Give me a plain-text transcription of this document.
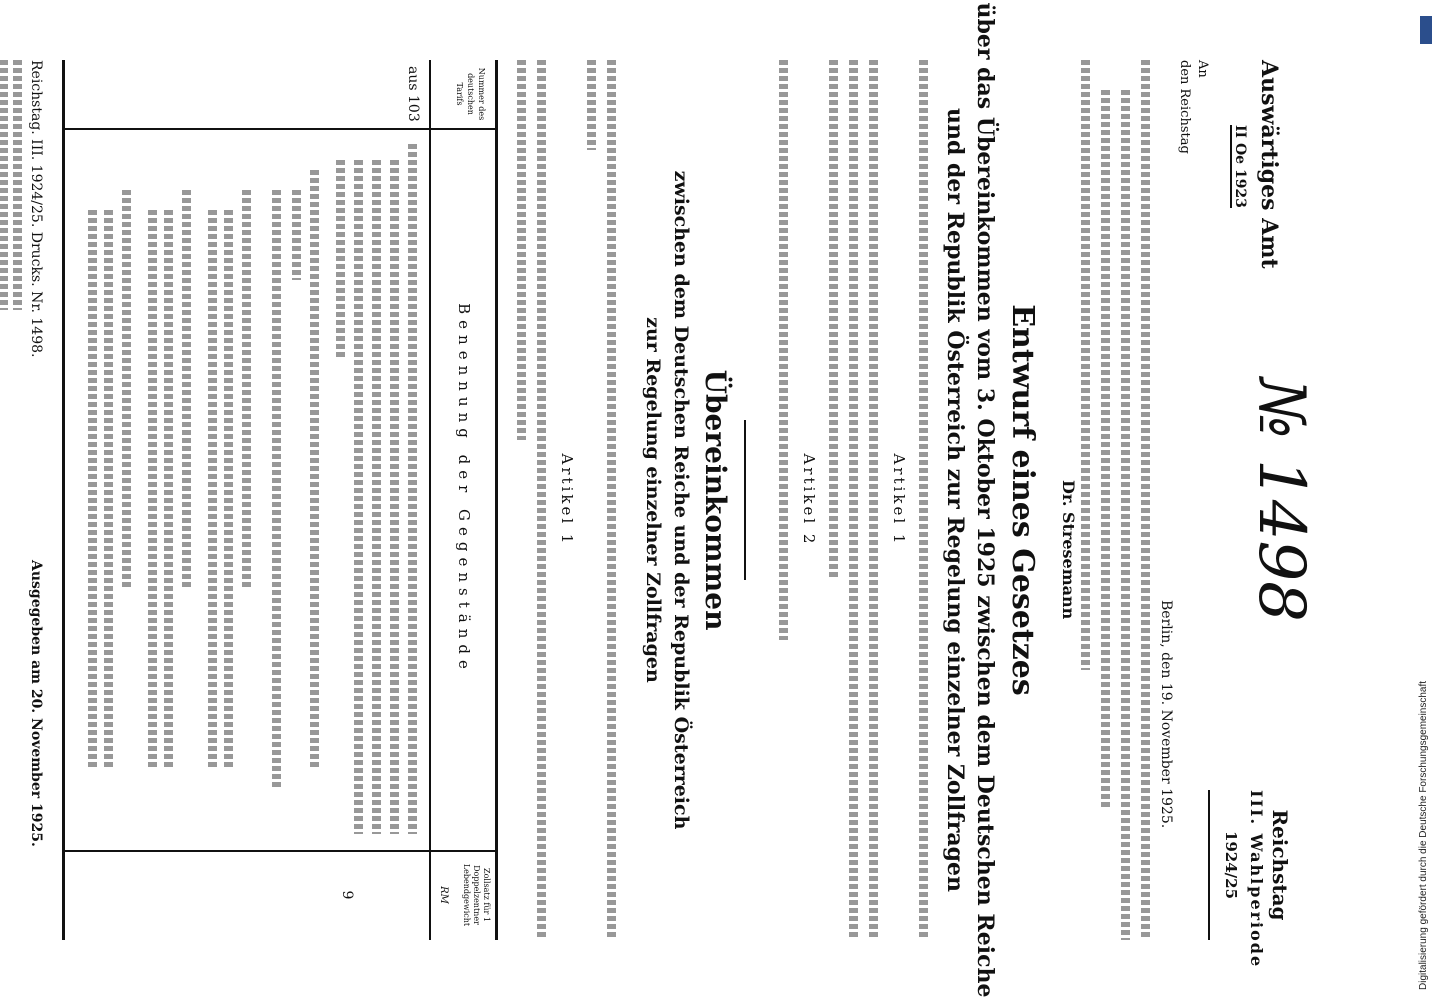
Auswärtiges Amt
II Oe 1923
№ 1498
Reichstag
III. Wahlperiode
1924/25
An
den Reichstag
Berlin, den 19. November 1925.
Dr. Stresemann
Entwurf eines Gesetzes
über das Übereinkommen vom 3. Oktober 1925 zwischen dem Deutschen Reiche
und der Republik Österreich zur Regelung einzelner Zollfragen
Artikel 1
Artikel 2
Übereinkommen
zwischen dem Deutschen Reiche und der Republik Österreich
zur Regelung einzelner Zollfragen
Artikel 1
Nummer des deutschen Tarifs
Benennung der Gegenstände
Zollsatz für 1 Doppelzentner Lebendgewicht
RM
aus 103
9
Reichstag. III. 1924/25. Drucks. Nr. 1498.
Ausgegeben am 20. November 1925.	Digitalisierung gefördert durch die Deutsche Forschungsgemeinschaft
